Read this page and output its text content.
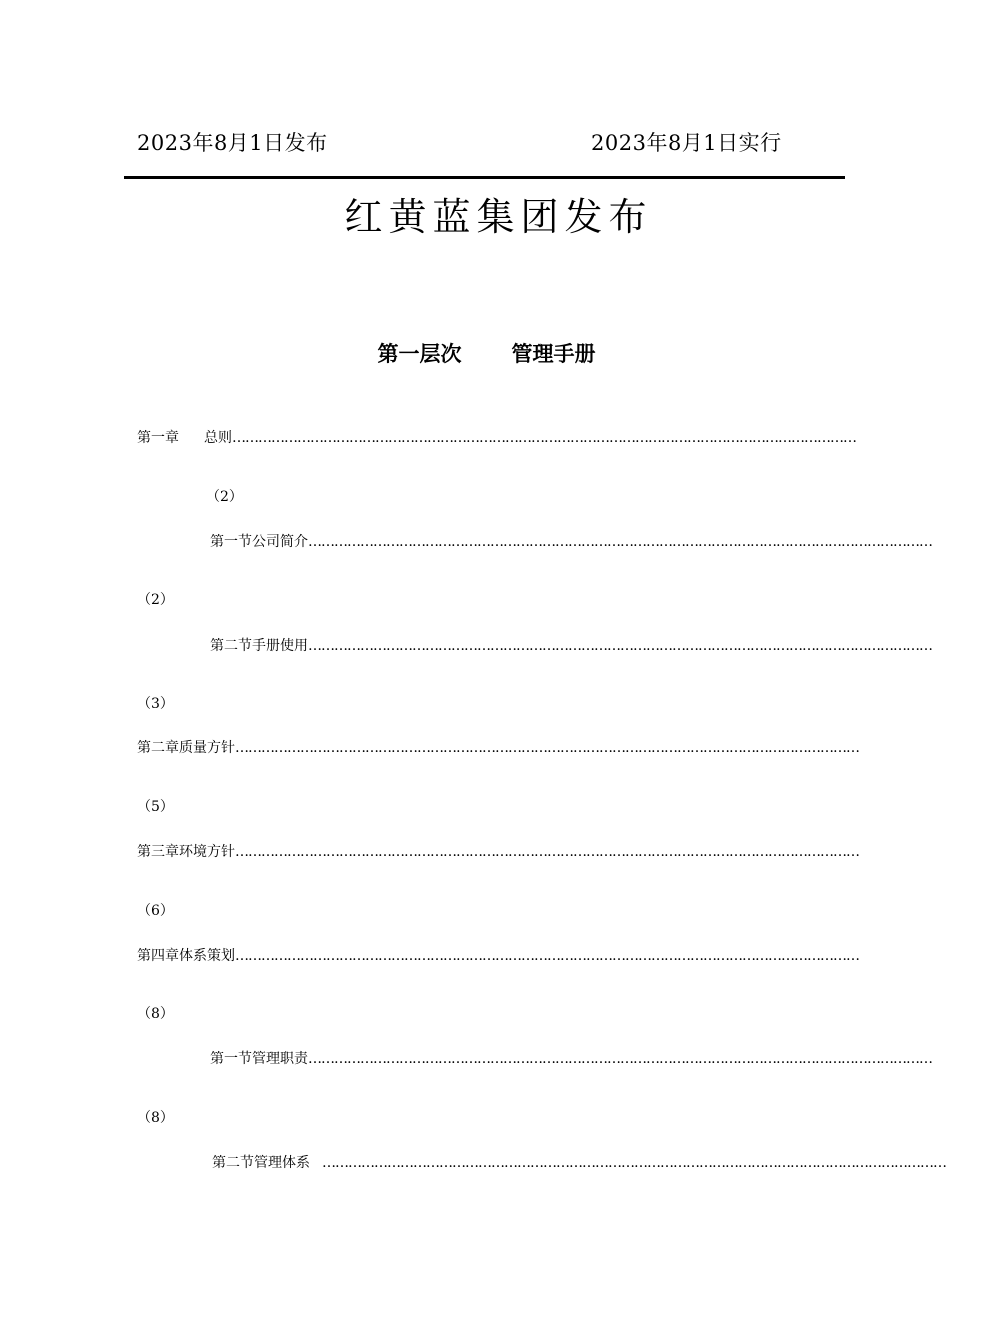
2023年8月1日发布	2023年8月1日实行
红黄蓝集团发布
第一层次 管理手册
第一章	总则 ………………………………………………………………………………………………………………………………
（2）
第一节 公司简介 ………………………………………………………………………………………………………………………………
（2）
第二节 手册使用 ………………………………………………………………………………………………………………………………
（3）
第二章 质量方针 ………………………………………………………………………………………………………………………………
（5）
第三章 环境方针 ………………………………………………………………………………………………………………………………
（6）
第四章 体系策划 ………………………………………………………………………………………………………………………………
（8）
第一节 管理职责 ………………………………………………………………………………………………………………………………
（8）
第二节 管理体系 ………………………………………………………………………………………………………………………………
